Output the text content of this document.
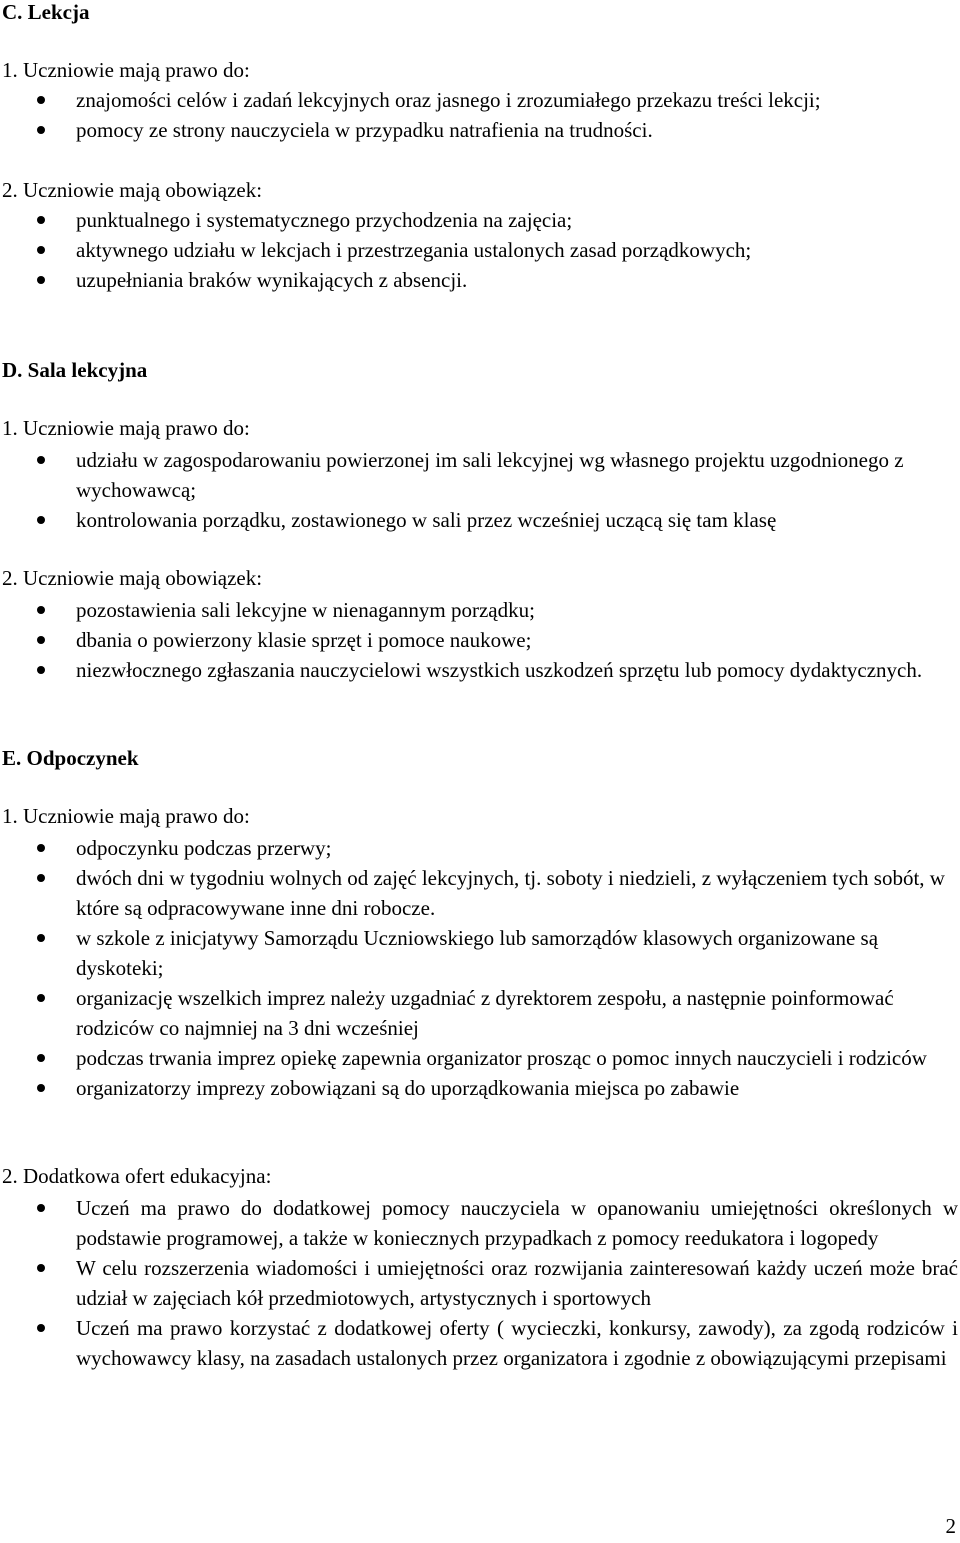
C. Lekcja
1. Uczniowie mają prawo do:
znajomości celów i zadań lekcyjnych oraz jasnego i zrozumiałego przekazu treści lekcji;
pomocy ze strony nauczyciela w przypadku natrafienia na trudności.
2. Uczniowie mają obowiązek:
punktualnego i systematycznego przychodzenia na zajęcia;
aktywnego udziału w lekcjach i przestrzegania ustalonych zasad porządkowych;
uzupełniania braków wynikających z absencji.
D. Sala lekcyjna
1. Uczniowie mają prawo do:
udziału w zagospodarowaniu powierzonej im sali lekcyjnej wg własnego projektu uzgodnionego z wychowawcą;
kontrolowania porządku, zostawionego w sali przez wcześniej uczącą się tam klasę
2. Uczniowie mają obowiązek:
pozostawienia sali lekcyjne w nienagannym porządku;
dbania o powierzony klasie sprzęt i pomoce naukowe;
niezwłocznego zgłaszania nauczycielowi wszystkich uszkodzeń sprzętu lub pomocy dydaktycznych.
E. Odpoczynek
1. Uczniowie mają prawo do:
odpoczynku podczas przerwy;
dwóch dni w tygodniu wolnych od zajęć lekcyjnych, tj. soboty i niedzieli, z wyłączeniem tych sobót, w które są odpracowywane inne dni robocze.
w szkole z inicjatywy Samorządu Uczniowskiego lub samorządów klasowych organizowane są dyskoteki;
organizację wszelkich imprez należy uzgadniać z dyrektorem zespołu, a następnie poinformować rodziców co najmniej na 3 dni wcześniej
podczas trwania imprez opiekę zapewnia organizator prosząc o pomoc innych nauczycieli i rodziców
organizatorzy imprezy zobowiązani są do uporządkowania miejsca po zabawie
2. Dodatkowa ofert edukacyjna:
Uczeń ma prawo do dodatkowej pomocy nauczyciela w opanowaniu umiejętności określonych w podstawie programowej, a także w koniecznych przypadkach z pomocy reedukatora i logopedy
W celu rozszerzenia wiadomości i umiejętności oraz rozwijania zainteresowań każdy uczeń może brać udział w zajęciach kół przedmiotowych, artystycznych i sportowych
Uczeń ma prawo korzystać z dodatkowej oferty ( wycieczki, konkursy, zawody), za zgodą rodziców i wychowawcy klasy, na zasadach ustalonych przez organizatora i zgodnie z obowiązującymi przepisami
2
